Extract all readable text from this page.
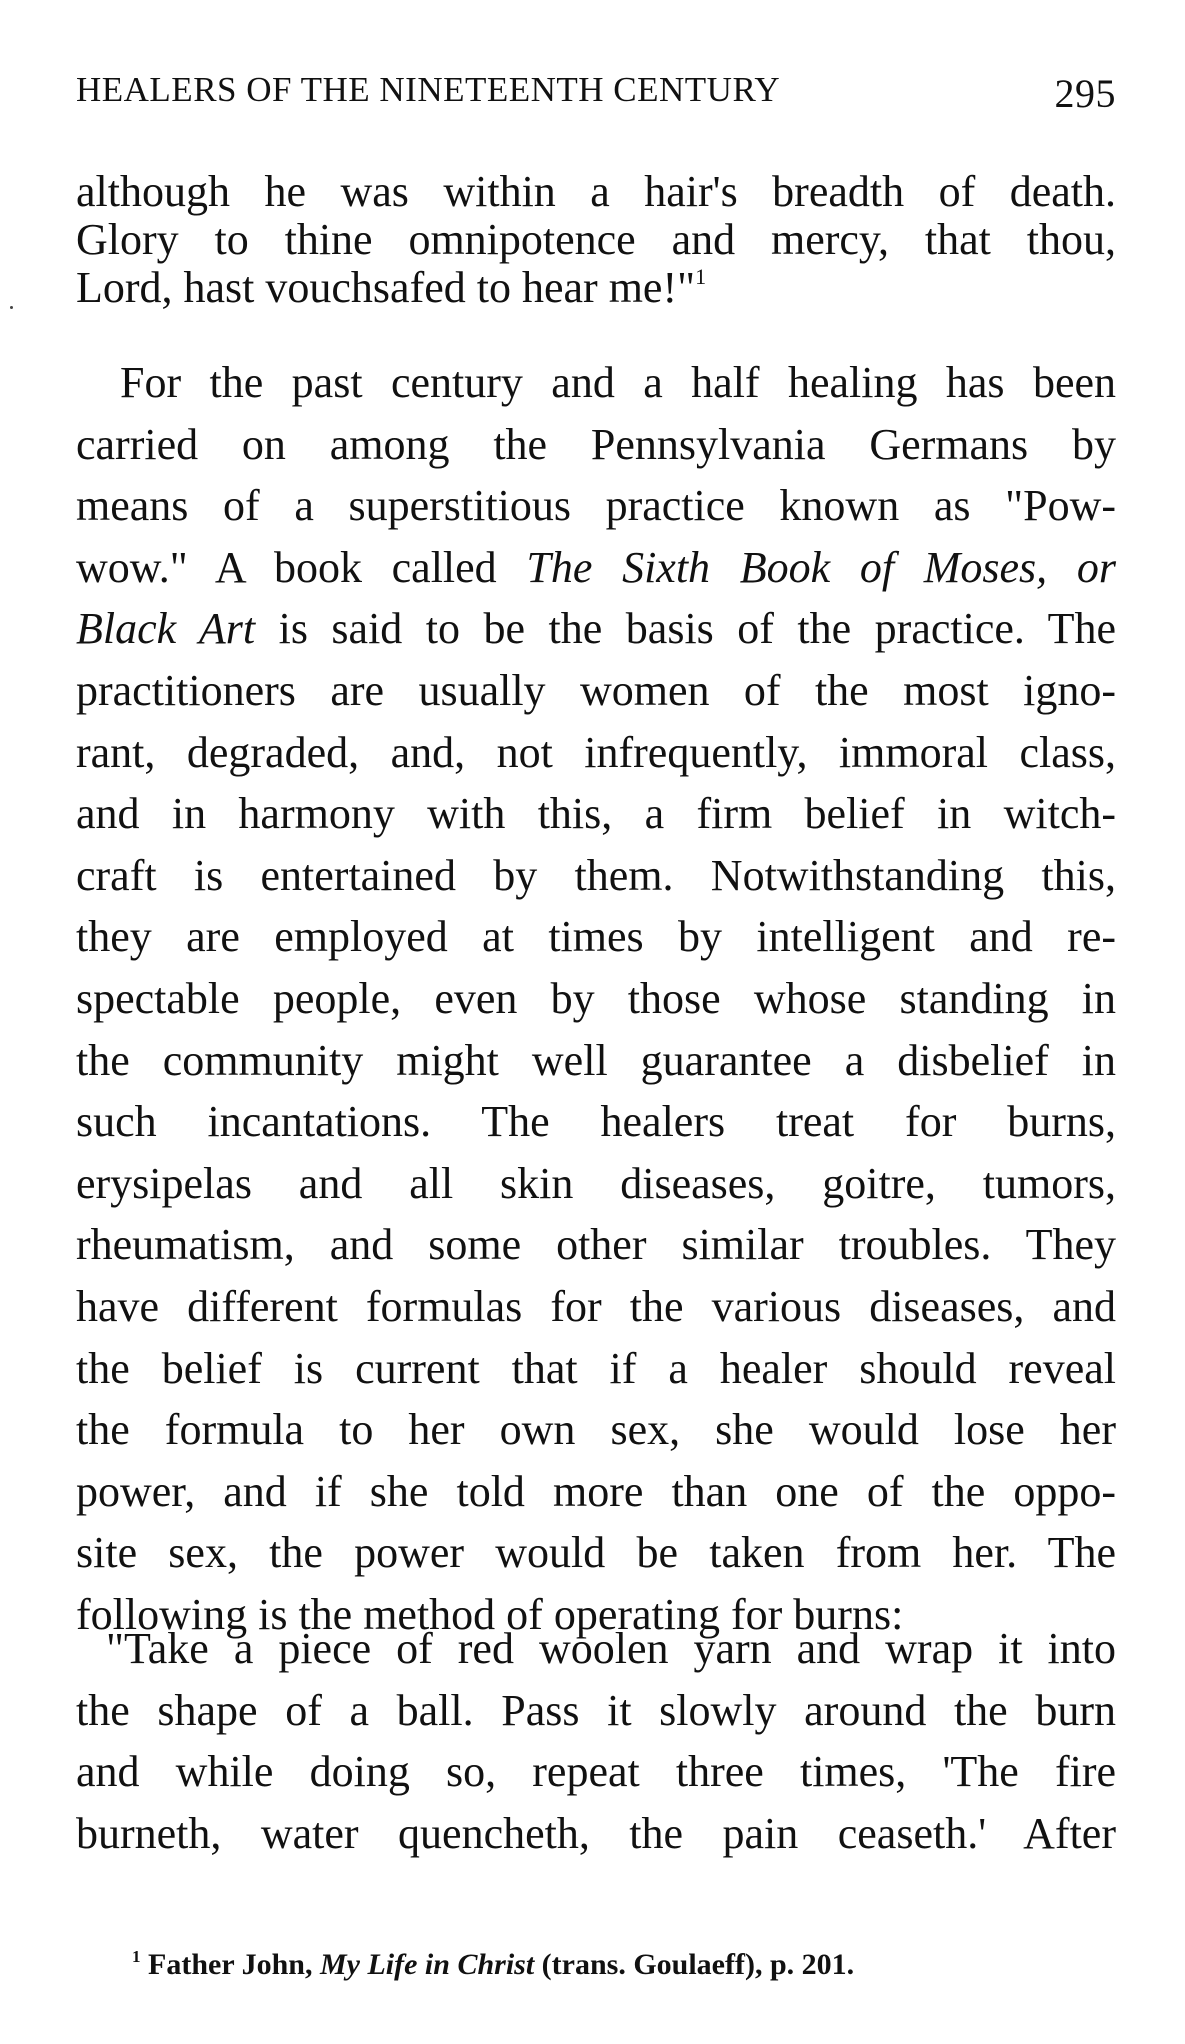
HEALERS OF THE NINETEENTH CENTURY	295
although he was within a hair's breadth of death.
Glory to thine omnipotence and mercy, that thou,
Lord, hast vouchsafed to hear me!"$^1$
For the past century and a half healing has been
carried on among the Pennsylvania Germans by
means of a superstitious practice known as "Pow-
wow." A book called The Sixth Book of Moses, or
Black Art is said to be the basis of the practice. The
practitioners are usually women of the most igno-
rant, degraded, and, not infrequently, immoral class,
and in harmony with this, a firm belief in witch-
craft is entertained by them. Notwithstanding this,
they are employed at times by intelligent and re-
spectable people, even by those whose standing in
the community might well guarantee a disbelief in
such incantations. The healers treat for burns,
erysipelas and all skin diseases, goitre, tumors,
rheumatism, and some other similar troubles. They
have different formulas for the various diseases, and
the belief is current that if a healer should reveal
the formula to her own sex, she would lose her
power, and if she told more than one of the oppo-
site sex, the power would be taken from her. The
following is the method of operating for burns:
"Take a piece of red woolen yarn and wrap it into
the shape of a ball. Pass it slowly around the burn
and while doing so, repeat three times, 'The fire
burneth, water quencheth, the pain ceaseth.' After
$^1$ Father John, My Life in Christ (trans. Goulaeff), p. 201.
